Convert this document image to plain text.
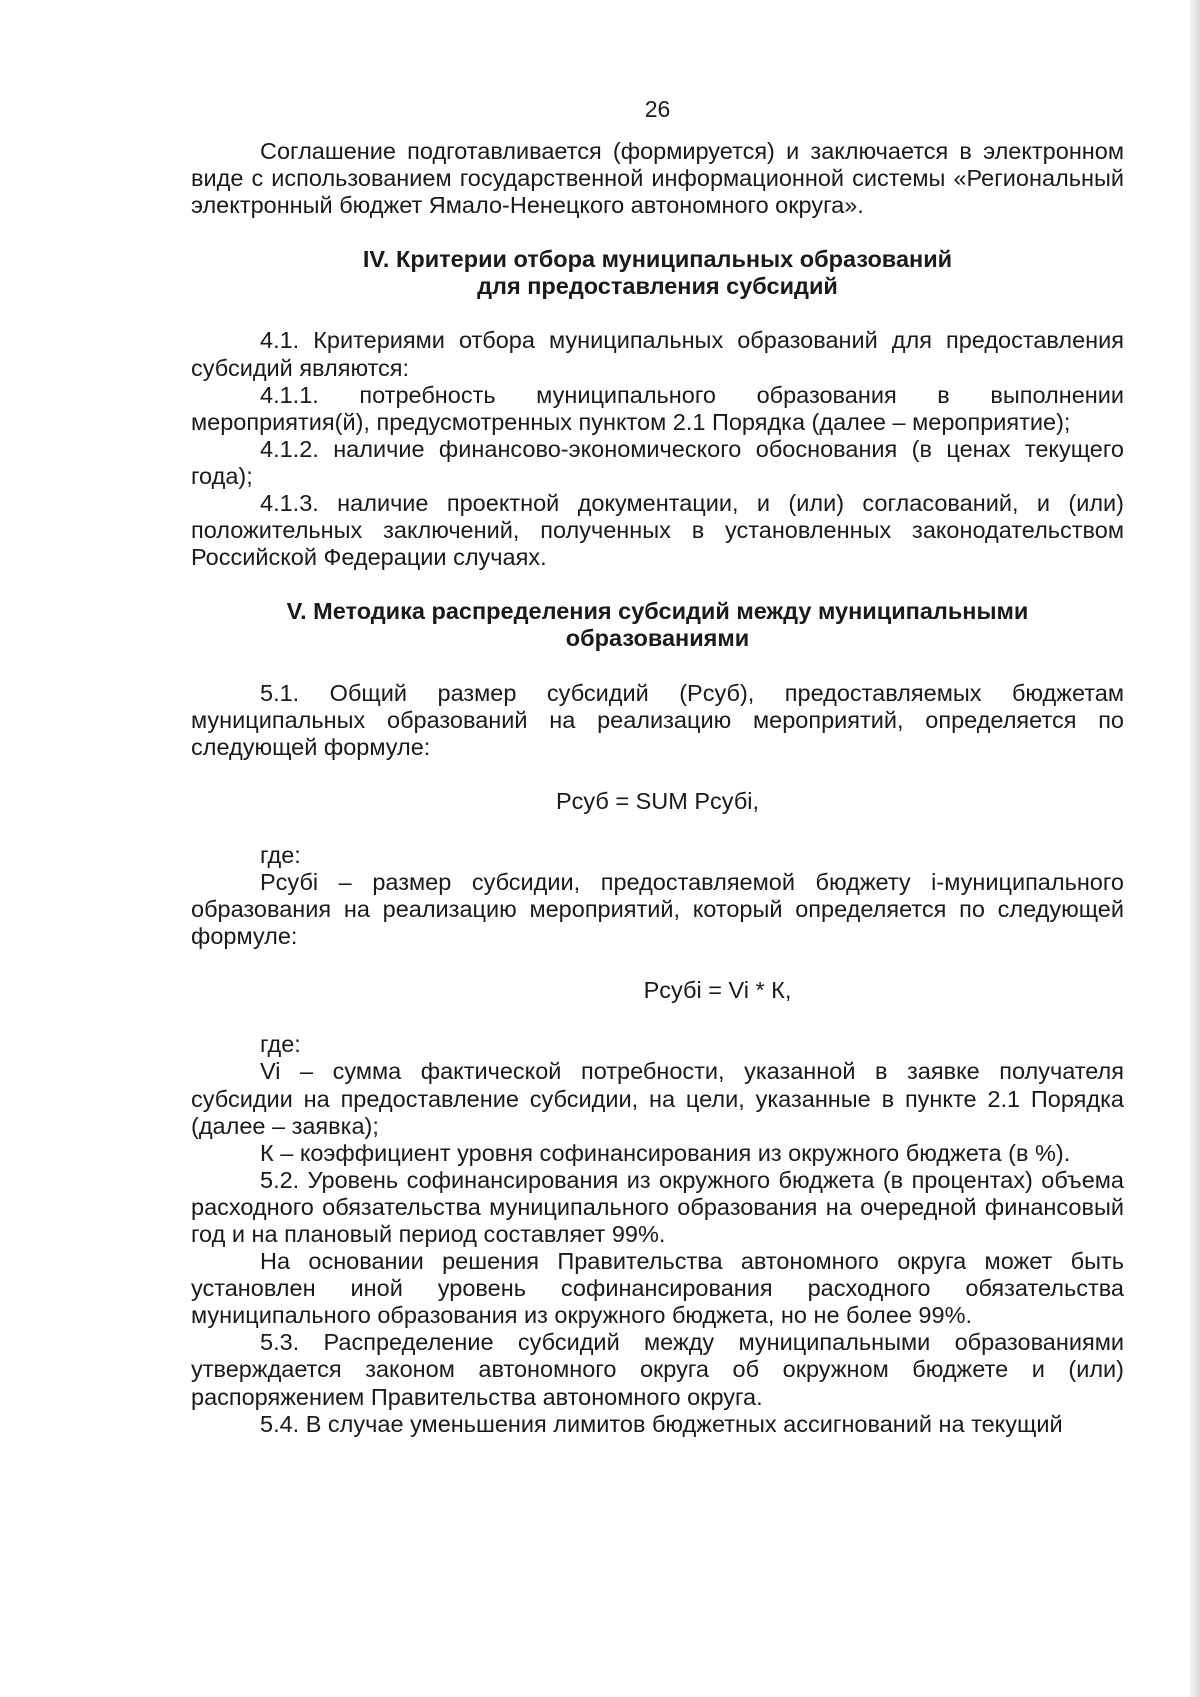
26

Соглашение подготавливается (формируется) и заключается в электронном виде с использованием государственной информационной системы «Региональный электронный бюджет Ямало-Ненецкого автономного округа».

IV. Критерии отбора муниципальных образований
для предоставления субсидий

4.1. Критериями отбора муниципальных образований для предоставления субсидий являются:

4.1.1. потребность муниципального образования в выполнении мероприятия(й), предусмотренных пунктом 2.1 Порядка (далее – мероприятие);

4.1.2. наличие финансово-экономического обоснования (в ценах текущего года);

4.1.3. наличие проектной документации, и (или) согласований, и (или) положительных заключений, полученных в установленных законодательством Российской Федерации случаях.

V. Методика распределения субсидий между муниципальными
образованиями

5.1. Общий размер субсидий (Рсуб), предоставляемых бюджетам муниципальных образований на реализацию мероприятий, определяется по следующей формуле:

Рсуб = SUM Рсубi,

где:

Рсубi – размер субсидии, предоставляемой бюджету i-муниципального образования на реализацию мероприятий, который определяется по следующей формуле:

Рсубi = Vi * К,

где:

Vi – сумма фактической потребности, указанной в заявке получателя субсидии на предоставление субсидии, на цели, указанные в пункте 2.1 Порядка (далее – заявка);

К – коэффициент уровня софинансирования из окружного бюджета (в %).

5.2. Уровень софинансирования из окружного бюджета (в процентах) объема расходного обязательства муниципального образования на очередной финансовый год и на плановый период составляет 99%.

На основании решения Правительства автономного округа может быть установлен иной уровень софинансирования расходного обязательства муниципального образования из окружного бюджета, но не более 99%.

5.3. Распределение субсидий между муниципальными образованиями утверждается законом автономного округа об окружном бюджете и (или) распоряжением Правительства автономного округа.

5.4. В случае уменьшения лимитов бюджетных ассигнований на текущий
